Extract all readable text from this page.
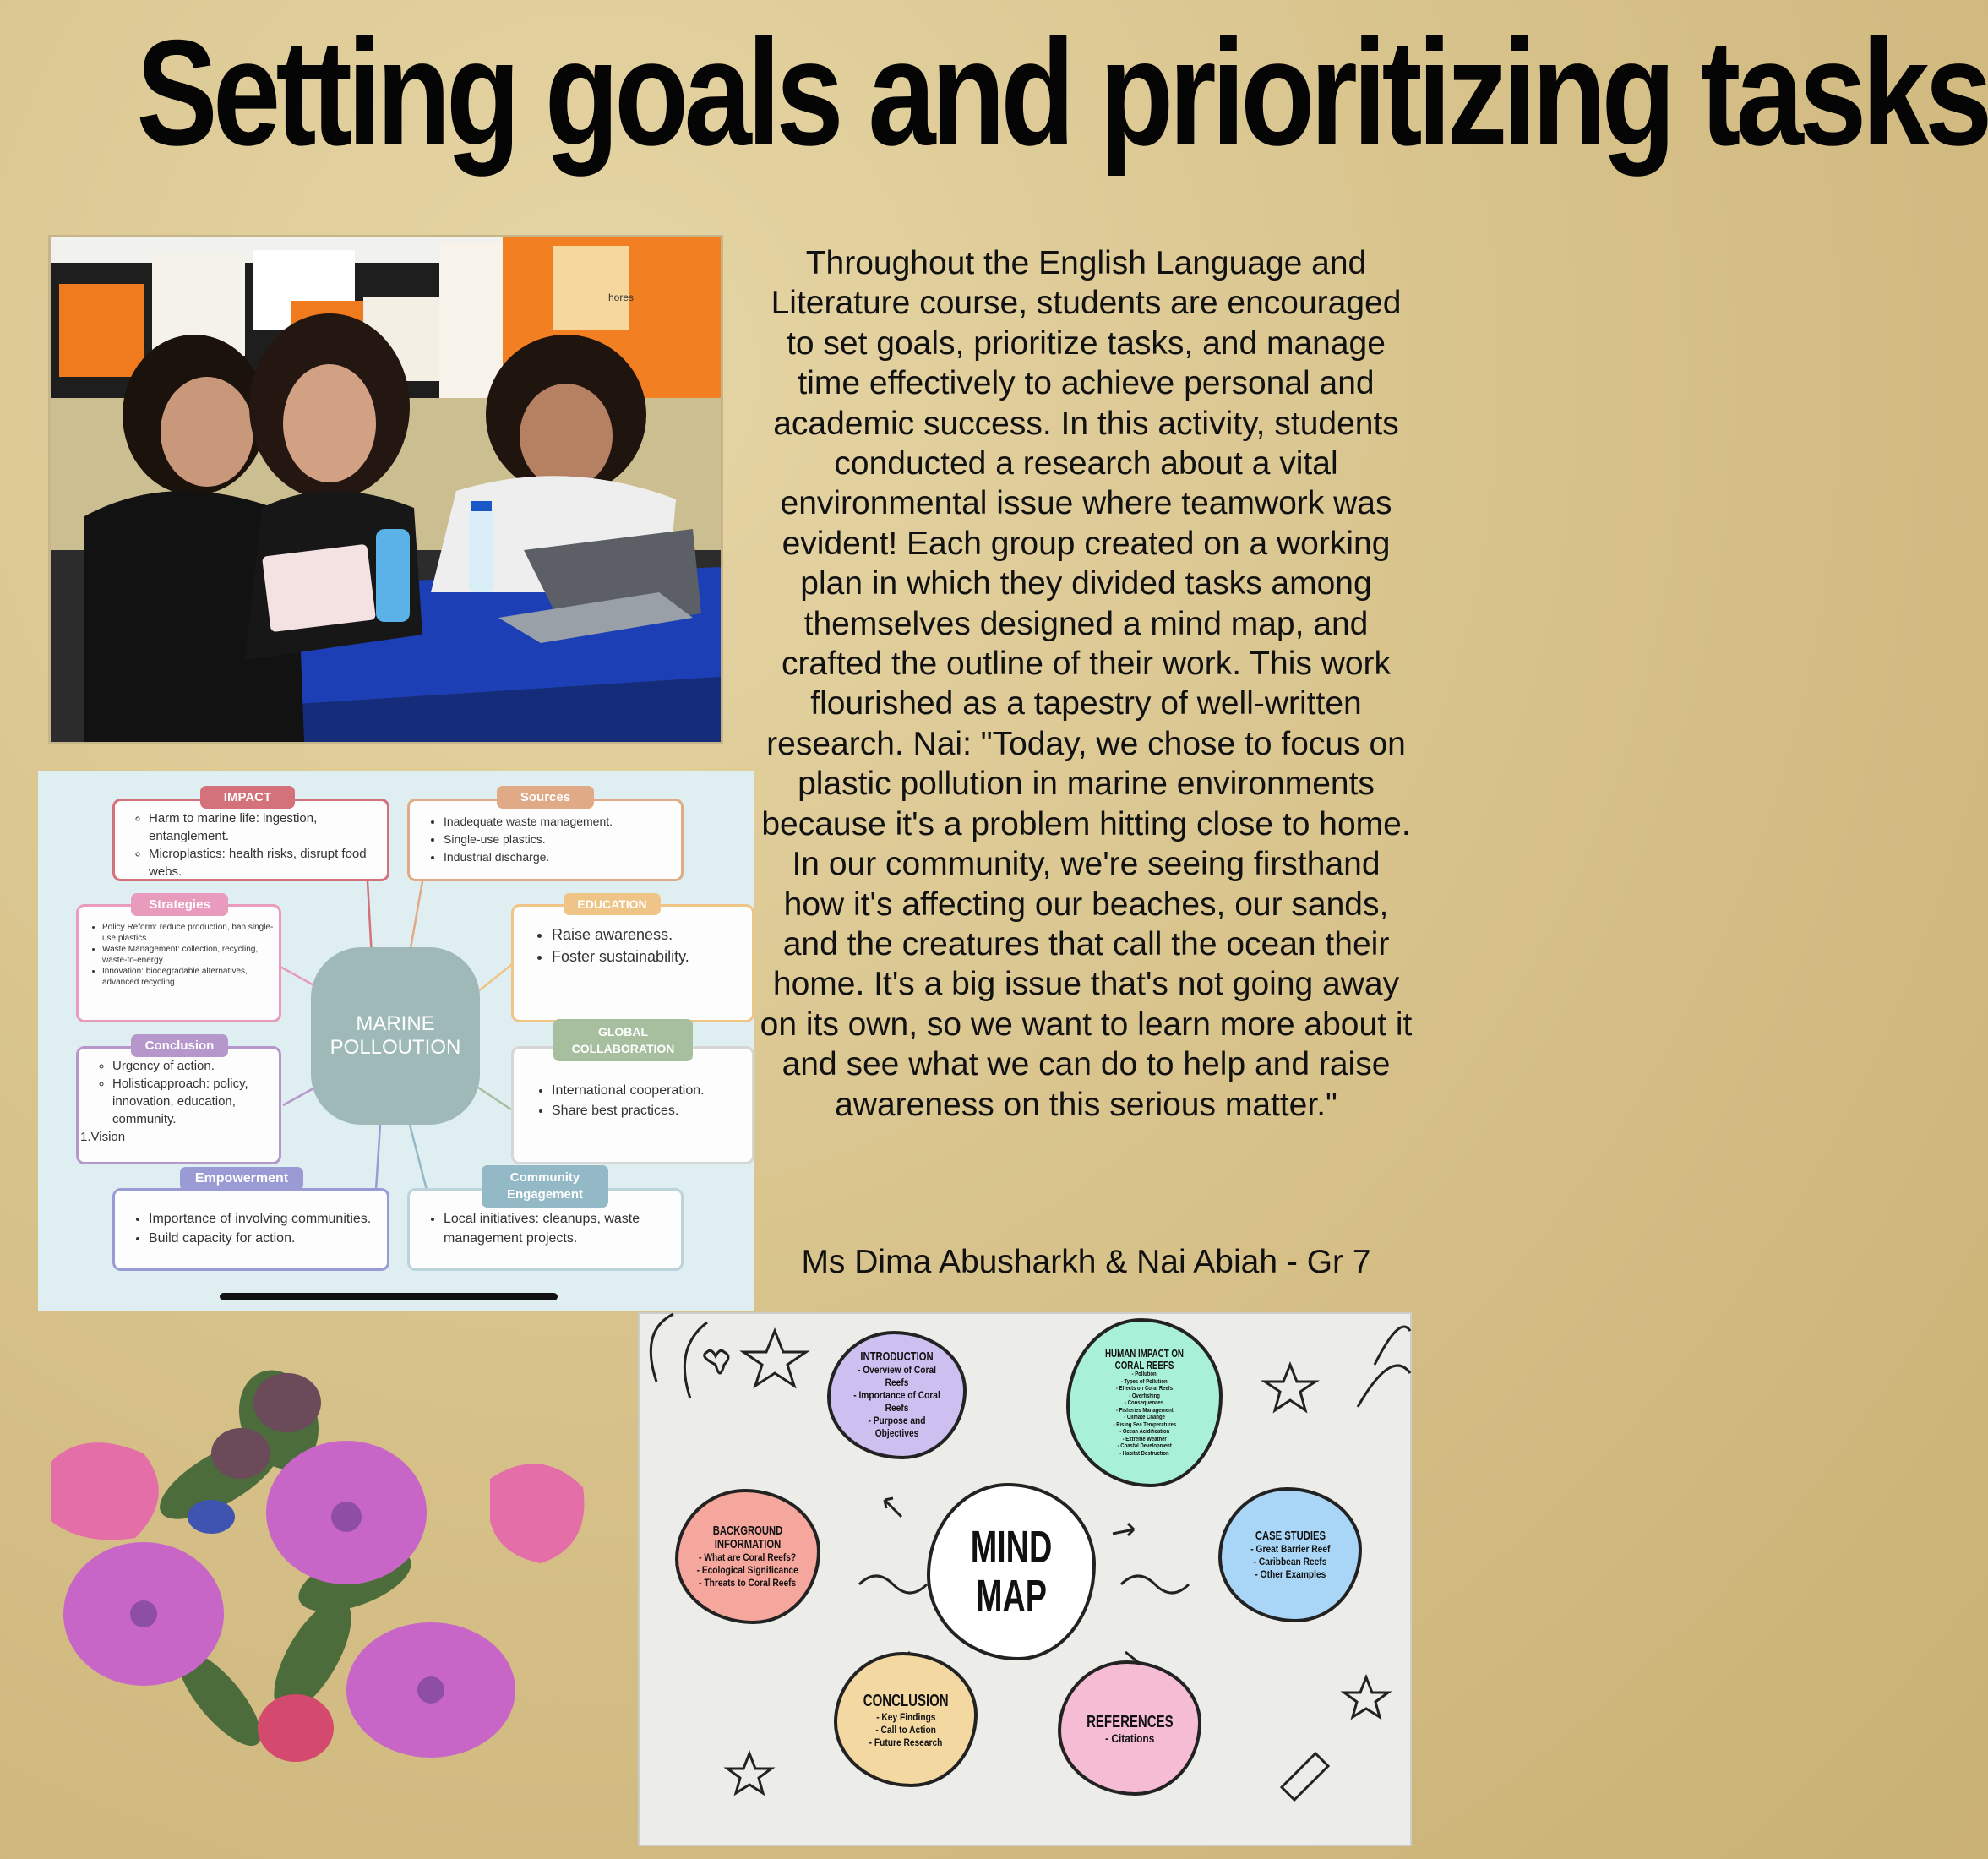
Setting goals and prioritizing tasks
hores
Throughout the English Language and Literature course, students are encouraged to set goals, prioritize tasks, and manage time effectively to achieve personal and academic success. In this activity, students conducted a research about a vital environmental issue where teamwork was evident! Each group created on a working plan in which they divided tasks among themselves designed a mind map, and crafted the outline of their work. This work flourished as a tapestry of well-written research. Nai: "Today, we chose to focus on plastic pollution in marine environments because it's a problem hitting close to home. In our community, we're seeing firsthand how it's affecting our beaches, our sands, and the creatures that call the ocean their home. It's a big issue that's not going away on its own, so we want to learn more about it and see what we can do to help and raise awareness on this serious matter."
Ms Dima Abusharkh & Nai Abiah - Gr 7
MARINE
POLLOUTION
◦ Harm to marine life: ingestion, entanglement.
◦ Microplastics: health risks, disrupt food webs.
IMPACT
• Inadequate waste management.
• Single-use plastics.
• Industrial discharge.
Sources
• Policy Reform: reduce production, ban single-use plastics.
• Waste Management: collection, recycling, waste-to-energy.
• Innovation: biodegradable alternatives, advanced recycling.
Strategies
• Raise awareness.
• Foster sustainability.
EDUCATION
◦ Urgency of action.
◦ Holisticapproach: policy, innovation, education, community.
1.Vision
Conclusion
• International cooperation.
• Share best practices.
GLOBAL COLLABORATION
• Importance of involving communities.
• Build capacity for action.
Empowerment
• Local initiatives: cleanups, waste management projects.
Community Engagement
MIND
MAP
INTRODUCTION
- Overview of Coral Reefs
- Importance of Coral Reefs
- Purpose and Objectives
HUMAN IMPACT ON CORAL REEFS
- Pollution
- Types of Pollution
- Effects on Coral Reefs
- Overfishing
- Consequences
- Fisheries Management
- Climate Change
- Rising Sea Temperatures
- Ocean Acidification
- Extreme Weather
- Coastal Development
- Habitat Destruction
BACKGROUND INFORMATION
- What are Coral Reefs?
- Ecological Significance
- Threats to Coral Reefs
CASE STUDIES
- Great Barrier Reef
- Caribbean Reefs
- Other Examples
CONCLUSION
- Key Findings
- Call to Action
- Future Research
REFERENCES
- Citations
